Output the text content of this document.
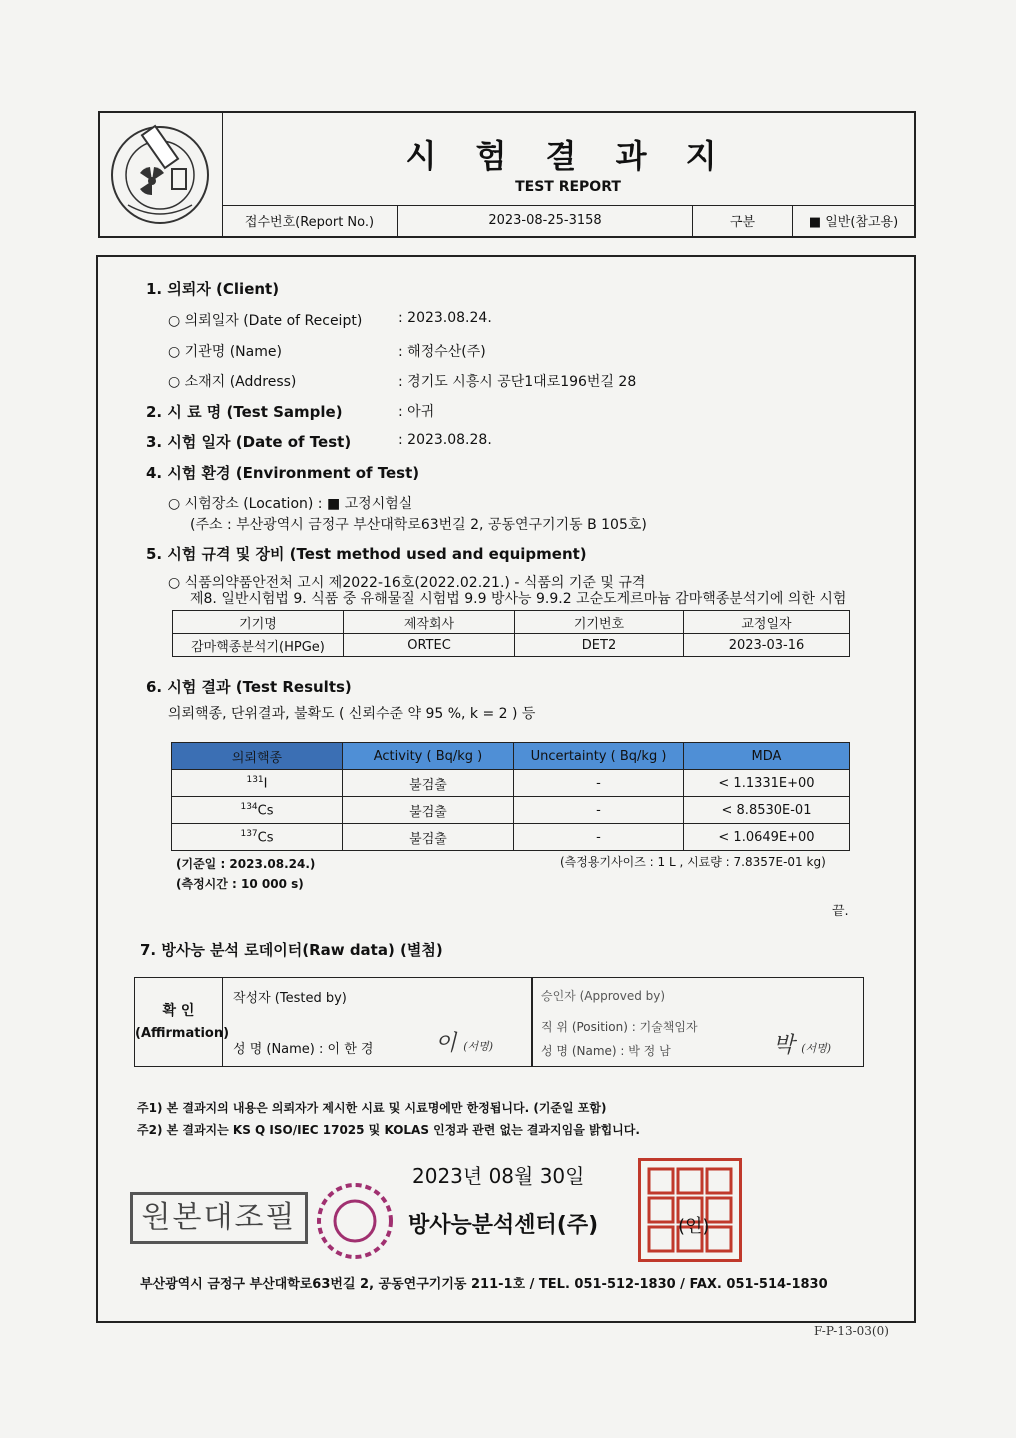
시 험 결 과 지
TEST REPORT
접수번호(Report No.)	2023-08-25-3158	구분	■ 일반(참고용)
1. 의뢰자 (Client)
○ 의뢰일자 (Date of Receipt)	: 2023.08.24.
○ 기관명 (Name)	: 해정수산(주)
○ 소재지 (Address)	: 경기도 시흥시 공단1대로196번길 28
2. 시 료 명 (Test Sample)	: 아귀
3. 시험 일자 (Date of Test)	: 2023.08.28.
4. 시험 환경 (Environment of Test)
○ 시험장소 (Location) : ■ 고정시험실
(주소 : 부산광역시 금정구 부산대학로63번길 2, 공동연구기기동 B 105호)
5. 시험 규격 및 장비 (Test method used and equipment)
○ 식품의약품안전처 고시 제2022-16호(2022.02.21.) - 식품의 기준 및 규격
제8. 일반시험법 9. 식품 중 유해물질 시험법 9.9 방사능 9.9.2 고순도게르마늄 감마핵종분석기에 의한 시험
기기명	제작회사	기기번호	교정일자
감마핵종분석기(HPGe)	ORTEC	DET2	2023-03-16
6. 시험 결과 (Test Results)
의뢰핵종, 단위결과, 불확도 ( 신뢰수준 약 95 %, k = 2 ) 등
의뢰핵종	Activity ( Bq/kg )	Uncertainty ( Bq/kg )	MDA
$^{131}$I	불검출	-	< 1.1331E+00
$^{134}$Cs	불검출	-	< 8.8530E-01
$^{137}$Cs	불검출	-	< 1.0649E+00
(기준일 : 2023.08.24.)
(측정시간 : 10 000 s)
(측정용기사이즈 : 1 L , 시료량 : 7.8357E-01 kg)
끝.
7. 방사능 분석 로데이터(Raw data) (별첨)
확 인
(Affirmation)
작성자 (Tested by)
성 명 (Name) : 이 한 경	이 (서명)
승인자 (Approved by)
직 위 (Position) : 기술책임자
성 명 (Name) : 박 정 남	박 (서명)
주1) 본 결과지의 내용은 의뢰자가 제시한 시료 및 시료명에만 한정됩니다. (기준일 포함)
주2) 본 결과지는 KS Q ISO/IEC 17025 및 KOLAS 인정과 관련 없는 결과지임을 밝힙니다.
2023년 08월 30일
원본대조필	방사능분석센터(주)	(인)
부산광역시 금정구 부산대학로63번길 2, 공동연구기기동 211-1호 / TEL. 051-512-1830 / FAX. 051-514-1830
F-P-13-03(0)
